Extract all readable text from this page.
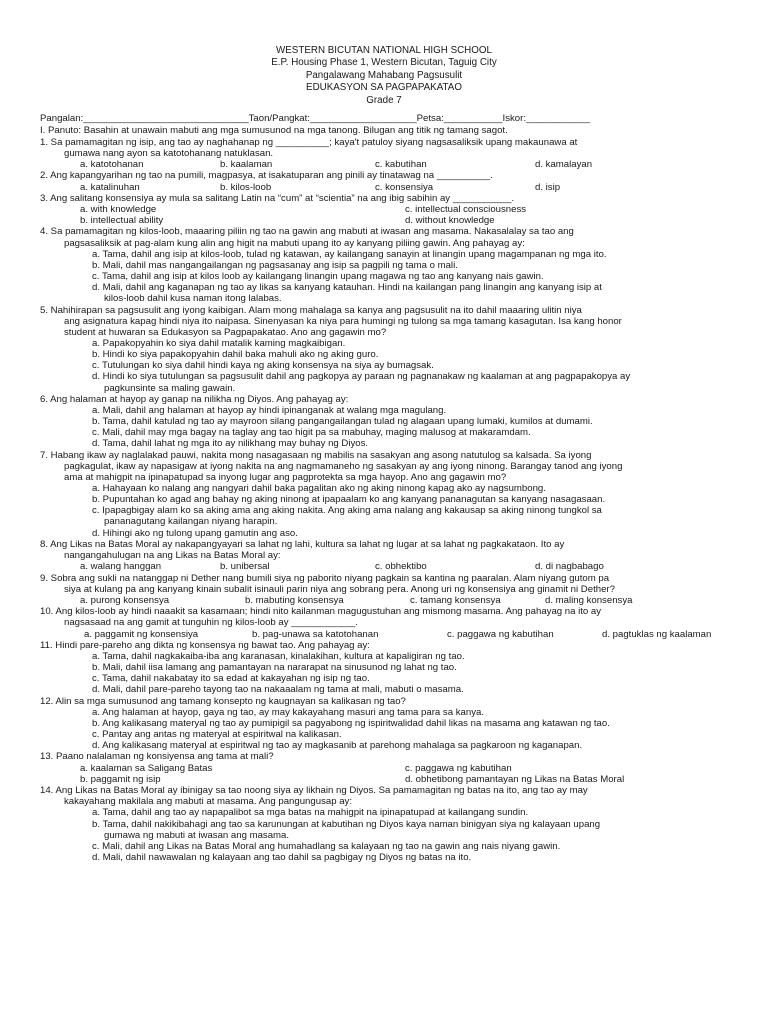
WESTERN BICUTAN NATIONAL HIGH SCHOOL
E.P. Housing Phase 1, Western Bicutan, Taguig City
Pangalawang Mahabang Pagsusulit
EDUKASYON SA PAGPAPAKATAO
Grade 7
Pangalan:_______________________________Taon/Pangkat:____________________Petsa:___________Iskor:____________
I. Panuto: Basahin at unawain mabuti ang mga sumusunod na mga tanong. Bilugan ang titik ng tamang sagot.
1. Sa pamamagitan ng isip, ang tao ay naghahanap ng __________; kaya't patuloy siyang nagsasaliksik upang makaunawa at
gumawa nang ayon sa katotohanang natuklasan.
a. katotohanan	b. kaalaman	c. kabutihan	d. kamalayan
2. Ang kapangyarihan ng tao na pumili, magpasya, at isakatuparan ang pinili ay tinatawag na __________.
a. katalinuhan	b. kilos-loob	c. konsensiya	d. isip
3. Ang salitang konsensiya ay mula sa salitang Latin na “cum” at “scientia” na ang ibig sabihin ay ___________.
a. with knowledge	c. intellectual consciousness
b. intellectual ability	d. without knowledge
4. Sa pamamagitan ng kilos-loob, maaaring piliin ng tao na gawin ang mabuti at iwasan ang masama. Nakasalalay sa tao ang
pagsasaliksik at pag-alam kung alin ang higit na mabuti upang ito ay kanyang piliing gawin. Ang pahayag ay:
a. Tama, dahil ang isip at kilos-loob, tulad ng katawan, ay kailangang sanayin at linangin upang magampanan ng mga ito.
b. Mali, dahil mas nangangailangan ng pagsasanay ang isip sa pagpili ng tama o mali.
c. Tama, dahil ang isip at kilos loob ay kailangang linangin upang magawa ng tao ang kanyang nais gawin.
d. Mali, dahil ang kaganapan ng tao ay likas sa kanyang katauhan. Hindi na kailangan pang linangin ang kanyang isip at
kilos-loob dahil kusa naman itong lalabas.
5. Nahihirapan sa pagsusulit ang iyong kaibigan. Alam mong mahalaga sa kanya ang pagsusulit na ito dahil maaaring ulitin niya
ang asignatura kapag hindi niya ito naipasa. Sinenyasan ka niya para humingi ng tulong sa mga tamang kasagutan. Isa kang honor
student at huwaran sa Edukasyon sa Pagpapakatao. Ano ang gagawin mo?
a. Papakopyahin ko siya dahil matalik kaming magkaibigan.
b. Hindi ko siya papakopyahin dahil baka mahuli ako ng aking guro.
c. Tutulungan ko siya dahil hindi kaya ng aking konsensya na siya ay bumagsak.
d. Hindi ko siya tutulungan sa pagsusulit dahil ang pagkopya ay paraan ng pagnanakaw ng kaalaman at ang pagpapakopya ay
pagkunsinte sa maling gawain.
6. Ang halaman at hayop ay ganap na nilikha ng Diyos. Ang pahayag ay:
a. Mali, dahil ang halaman at hayop ay hindi ipinanganak at walang mga magulang.
b. Tama, dahil katulad ng tao ay mayroon silang pangangailangan tulad ng alagaan upang lumaki, kumilos at dumami.
c. Mali, dahil may mga bagay na taglay ang tao higit pa sa mabuhay, maging malusog at makaramdam.
d. Tama, dahil lahat ng mga ito ay nilikhang may buhay ng Diyos.
7. Habang ikaw ay naglalakad pauwi, nakita mong nasagasaan ng mabilis na sasakyan ang asong natutulog sa kalsada. Sa iyong
pagkagulat, ikaw ay napasigaw at iyong nakita na ang nagmamaneho ng sasakyan ay ang iyong ninong. Barangay tanod ang iyong
ama at mahigpit na ipinapatupad sa inyong lugar ang pagprotekta sa mga hayop. Ano ang gagawin mo?
a. Hahayaan ko nalang ang nangyari dahil baka pagalitan ako ng aking ninong kapag ako ay nagsumbong.
b. Pupuntahan ko agad ang bahay ng aking ninong at ipapaalam ko ang kanyang pananagutan sa kanyang nasagasaan.
c. Ipapagbigay alam ko sa aking ama ang aking nakita. Ang aking ama nalang ang kakausap sa aking ninong tungkol sa
pananagutang kailangan niyang harapin.
d. Hihingi ako ng tulong upang gamutin ang aso.
8. Ang Likas na Batas Moral ay nakapangyayari sa lahat ng lahi, kultura sa lahat ng lugar at sa lahat ng pagkakataon. Ito ay
nangangahulugan na ang Likas na Batas Moral ay:
a. walang hanggan	b. unibersal	c. obhektibo	d. di nagbabago
9. Sobra ang sukli na natanggap ni Dether nang bumili siya ng paborito niyang pagkain sa kantina ng paaralan. Alam niyang gutom pa
siya at kulang pa ang kanyang kinain subalit isinauli parin niya ang sobrang pera. Anong uri ng konsensiya ang ginamit ni Dether?
a. purong konsensya	b. mabuting konsensya	c. tamang konsensya	d. maling konsensya
10. Ang kilos-loob ay hindi naaakit sa kasamaan; hindi nito kailanman magugustuhan ang mismong masama. Ang pahayag na ito ay
nagsasaad na ang gamit at tunguhin ng kilos-loob ay ____________.
a. paggamit ng konsensiya	b. pag-unawa sa katotohanan	c. paggawa ng kabutihan	d. pagtuklas ng kaalaman
11. Hindi pare-pareho ang dikta ng konsensya ng bawat tao. Ang pahayag ay:
a. Tama, dahil nagkakaiba-iba ang karanasan, kinalakihan, kultura at kapaligiran ng tao.
b. Mali, dahil iisa lamang ang pamantayan na nararapat na sinusunod ng lahat ng tao.
c. Tama, dahil nakabatay ito sa edad at kakayahan ng isip ng tao.
d. Mali, dahil pare-pareho tayong tao na nakaaalam ng tama at mali, mabuti o masama.
12. Alin sa mga sumusunod ang tamang konsepto ng kaugnayan sa kalikasan ng tao?
a. Ang halaman at hayop, gaya ng tao, ay may kakayahang masuri ang tama para sa kanya.
b. Ang kalikasang materyal ng tao ay pumipigil sa pagyabong ng ispiritwalidad dahil likas na masama ang katawan ng tao.
c. Pantay ang antas ng materyal at espiritwal na kalikasan.
d. Ang kalikasang materyal at espiritwal ng tao ay magkasanib at parehong mahalaga sa pagkaroon ng kaganapan.
13. Paano nalalaman ng konsiyensa ang tama at mali?
a. kaalaman sa Saligang Batas	c. paggawa ng kabutihan
b. paggamit ng isip	d. obhetibong pamantayan ng Likas na Batas Moral
14. Ang Likas na Batas Moral ay ibinigay sa tao noong siya ay likhain ng Diyos. Sa pamamagitan ng batas na ito, ang tao ay may
kakayahang makilala ang mabuti at masama. Ang pangungusap ay:
a. Tama, dahil ang tao ay napapalibot sa mga batas na mahigpit na ipinapatupad at kailangang sundin.
b. Tama, dahil nakikibahagi ang tao sa karunungan at kabutihan ng Diyos kaya naman binigyan siya ng kalayaan upang
gumawa ng mabuti at iwasan ang masama.
c. Mali, dahil ang Likas na Batas Moral ang humahadlang sa kalayaan ng tao na gawin ang nais niyang gawin.
d. Mali, dahil nawawalan ng kalayaan ang tao dahil sa pagbigay ng Diyos ng batas na ito.
